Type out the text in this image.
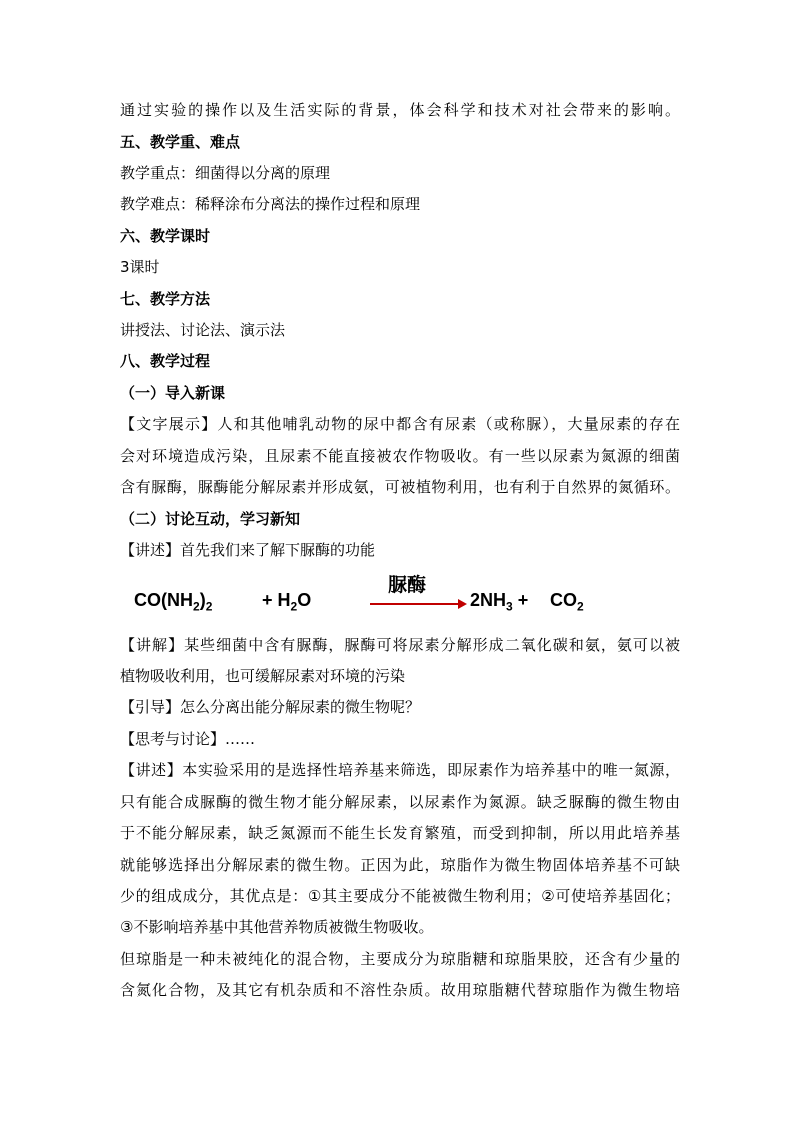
通过实验的操作以及生活实际的背景，体会科学和技术对社会带来的影响。
五、教学重、难点
教学重点：细菌得以分离的原理
教学难点：稀释涂布分离法的操作过程和原理
六、教学课时
3课时
七、教学方法
讲授法、讨论法、演示法
八、教学过程
（一）导入新课
【文字展示】人和其他哺乳动物的尿中都含有尿素（或称脲），大量尿素的存在
会对环境造成污染，且尿素不能直接被农作物吸收。有一些以尿素为氮源的细菌
含有脲酶，脲酶能分解尿素并形成氨，可被植物利用，也有利于自然界的氮循环。
（二）讨论互动，学习新知
【讲述】首先我们来了解下脲酶的功能
$CO(NH_2)_2$	+ $H_2O$
脲酶
$2NH_3 + CO_2$
【讲解】某些细菌中含有脲酶，脲酶可将尿素分解形成二氧化碳和氨，氨可以被
植物吸收利用，也可缓解尿素对环境的污染
【引导】怎么分离出能分解尿素的微生物呢？
【思考与讨论】……
【讲述】本实验采用的是选择性培养基来筛选，即尿素作为培养基中的唯一氮源，
只有能合成脲酶的微生物才能分解尿素，以尿素作为氮源。缺乏脲酶的微生物由
于不能分解尿素，缺乏氮源而不能生长发育繁殖，而受到抑制，所以用此培养基
就能够选择出分解尿素的微生物。正因为此，琼脂作为微生物固体培养基不可缺
少的组成成分，其优点是：①其主要成分不能被微生物利用；②可使培养基固化；
③不影响培养基中其他营养物质被微生物吸收。
但琼脂是一种未被纯化的混合物，主要成分为琼脂糖和琼脂果胶，还含有少量的
含氮化合物，及其它有机杂质和不溶性杂质。故用琼脂糖代替琼脂作为微生物培
